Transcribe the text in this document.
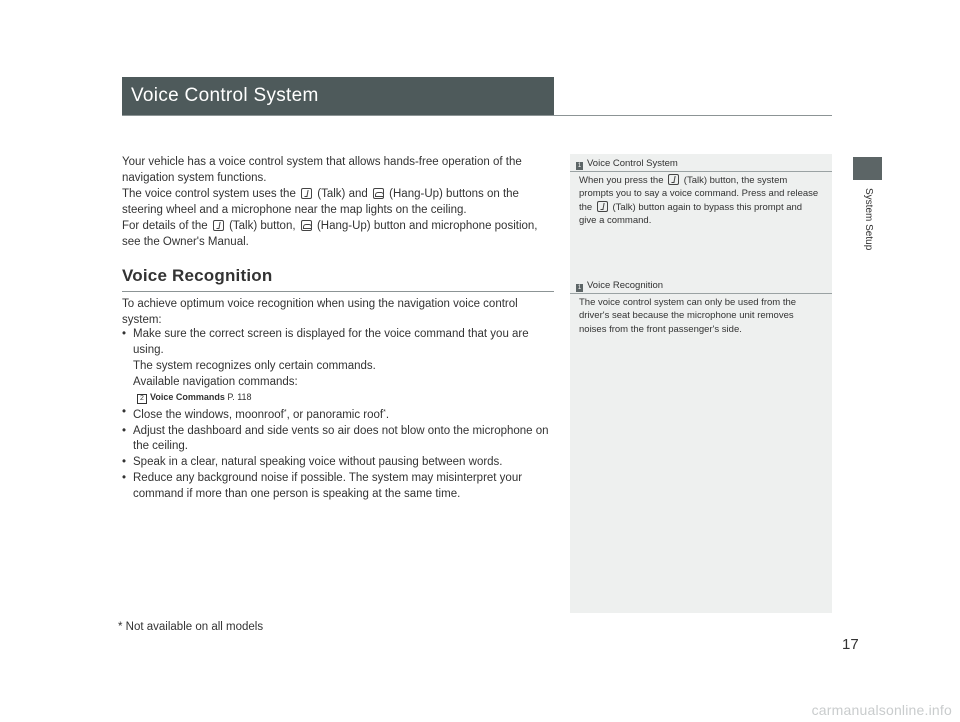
Voice Control System
System Setup
Your vehicle has a voice control system that allows hands-free operation of the navigation system functions.
The voice control system uses the (Talk) and (Hang-Up) buttons on the steering wheel and a microphone near the map lights on the ceiling.
For details of the (Talk) button, (Hang-Up) button and microphone position, see the Owner's Manual.
Voice Recognition
To achieve optimum voice recognition when using the navigation voice control system:
• Make sure the correct screen is displayed for the voice command that you are using.
The system recognizes only certain commands.
Available navigation commands:
2 Voice Commands P. 118
• Close the windows, moonroof*, or panoramic roof*.
• Adjust the dashboard and side vents so air does not blow onto the microphone on the ceiling.
• Speak in a clear, natural speaking voice without pausing between words.
• Reduce any background noise if possible. The system may misinterpret your command if more than one person is speaking at the same time.
1 Voice Control System
When you press the (Talk) button, the system prompts you to say a voice command. Press and release the (Talk) button again to bypass this prompt and give a command.
1 Voice Recognition
The voice control system can only be used from the driver's seat because the microphone unit removes noises from the front passenger's side.
* Not available on all models
17
carmanualsonline.info
